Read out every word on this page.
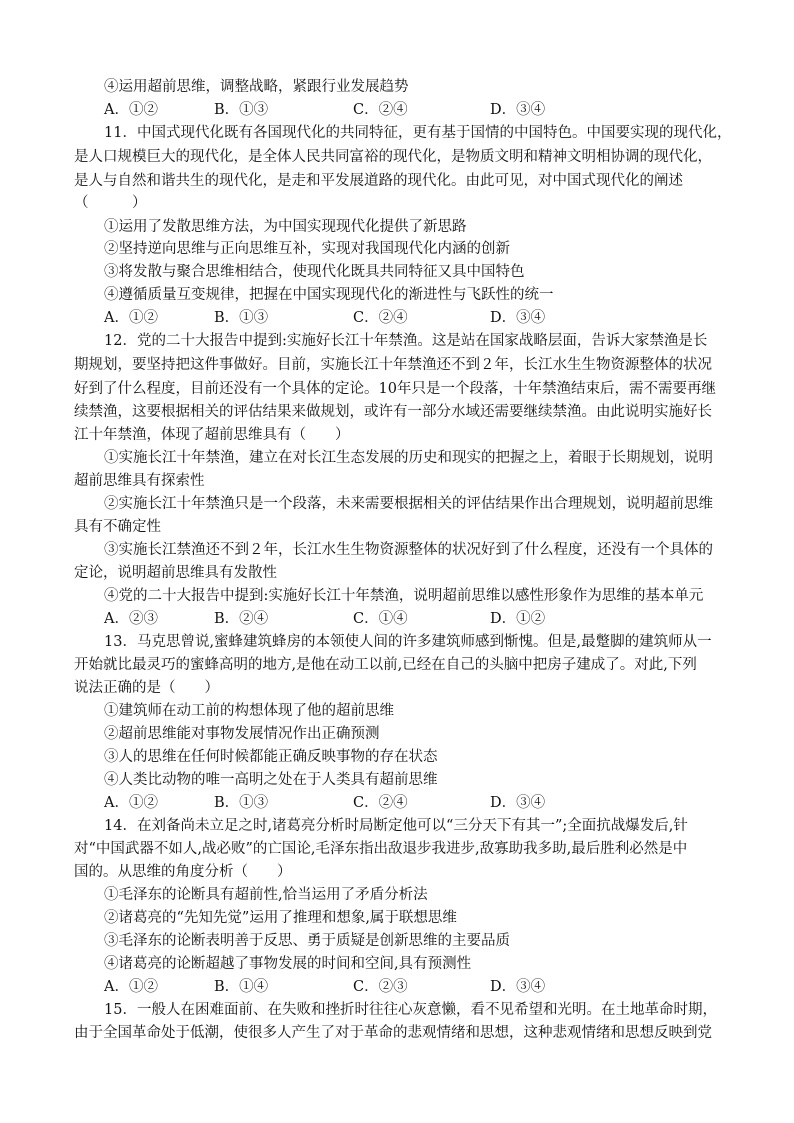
④运用超前思维，调整战略，紧跟行业发展趋势
A．①②	B．①③	C．②④	D．③④
11．中国式现代化既有各国现代化的共同特征，更有基于国情的中国特色。中国要实现的现代化，
是人口规模巨大的现代化，是全体人民共同富裕的现代化，是物质文明和精神文明相协调的现代化，
是人与自然和谐共生的现代化，是走和平发展道路的现代化。由此可见，对中国式现代化的阐述
（　　　）
①运用了发散思维方法，为中国实现现代化提供了新思路
②坚持逆向思维与正向思维互补，实现对我国现代化内涵的创新
③将发散与聚合思维相结合，使现代化既具共同特征又具中国特色
④遵循质量互变规律，把握在中国实现现代化的渐进性与飞跃性的统一
A．①②	B．①③	C．②④	D．③④
12．党的二十大报告中提到:实施好长江十年禁渔。这是站在国家战略层面，告诉大家禁渔是长
期规划，要坚持把这件事做好。目前，实施长江十年禁渔还不到２年，长江水生生物资源整体的状况
好到了什么程度，目前还没有一个具体的定论。10年只是一个段落，十年禁渔结束后，需不需要再继
续禁渔，这要根据相关的评估结果来做规划，或许有一部分水域还需要继续禁渔。由此说明实施好长
江十年禁渔，体现了超前思维具有（　　）
①实施长江十年禁渔，建立在对长江生态发展的历史和现实的把握之上，着眼于长期规划，说明
超前思维具有探索性
②实施长江十年禁渔只是一个段落，未来需要根据相关的评估结果作出合理规划，说明超前思维
具有不确定性
③实施长江禁渔还不到２年，长江水生生物资源整体的状况好到了什么程度，还没有一个具体的
定论，说明超前思维具有发散性
④党的二十大报告中提到:实施好长江十年禁渔，说明超前思维以感性形象作为思维的基本单元
A．②③	B．②④	C．①④	D．①②
13．马克思曾说,蜜蜂建筑蜂房的本领使人间的许多建筑师感到惭愧。但是,最蹩脚的建筑师从一
开始就比最灵巧的蜜蜂高明的地方,是他在动工以前,已经在自己的头脑中把房子建成了。对此,下列
说法正确的是（　　）
①建筑师在动工前的构想体现了他的超前思维
②超前思维能对事物发展情况作出正确预测
③人的思维在任何时候都能正确反映事物的存在状态
④人类比动物的唯一高明之处在于人类具有超前思维
A．①②	B．①③	C．②④	D．③④
14．在刘备尚未立足之时,诸葛亮分析时局断定他可以“三分天下有其一”;全面抗战爆发后,针
对“中国武器不如人,战必败”的亡国论,毛泽东指出敌退步我进步,敌寡助我多助,最后胜利必然是中
国的。从思维的角度分析（　　）
①毛泽东的论断具有超前性,恰当运用了矛盾分析法
②诸葛亮的“先知先觉”运用了推理和想象,属于联想思维
③毛泽东的论断表明善于反思、勇于质疑是创新思维的主要品质
④诸葛亮的论断超越了事物发展的时间和空间,具有预测性
A．①②	B．①④	C．②③	D．③④
15．一般人在困难面前、在失败和挫折时往往心灰意懒，看不见希望和光明。在土地革命时期，
由于全国革命处于低潮，使很多人产生了对于革命的悲观情绪和思想，这种悲观情绪和思想反映到党
